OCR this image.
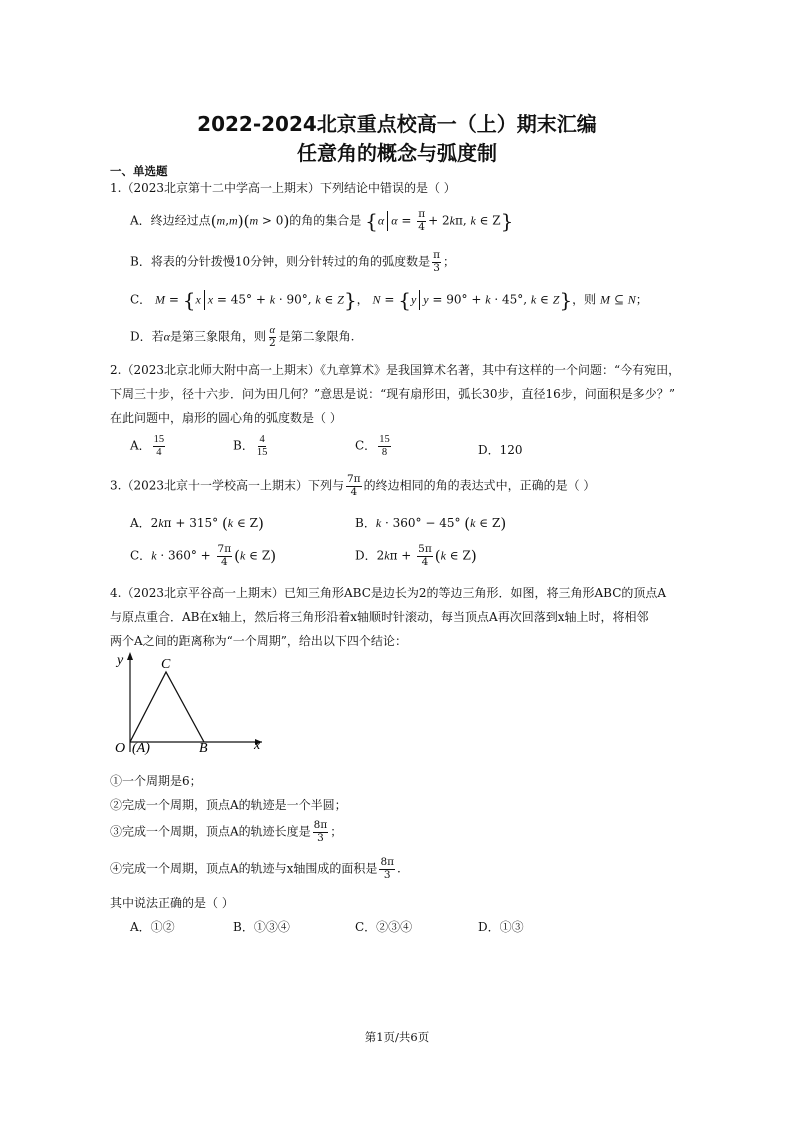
2022-2024北京重点校高一（上）期末汇编
任意角的概念与弧度制
一、单选题
1.（2023北京第十二中学高一上期末）下列结论中错误的是（ ）
A．终边经过点(m,m)(m > 0)的角的集合是 {α $\alpha = \frac{\pi}{4} + 2k\pi$, k ∈ Z}
B．将表的分针拨慢10分钟，则分针转过的角的弧度数是 $\frac{\pi}{3}$ ；
C． M = {x x = 45° + k · 90°, k ∈ Z}， N = {y y = 90° + k · 45°, k ∈ Z}，则 M ⊆ N；
D．若α是第三象限角，则 $\frac{\alpha}{2}$ 是第二象限角.
2.（2023北京北师大附中高一上期末）《九章算术》是我国算术名著，其中有这样的一个问题：“今有宛田，
下周三十步，径十六步．问为田几何？”意思是说：“现有扇形田，弧长30步，直径16步，问面积是多少？”
在此问题中，扇形的圆心角的弧度数是（ ）
A． $\frac{15}{4}$	B． $\frac{4}{15}$	C． $\frac{15}{8}$	D．120
3.（2023北京十一学校高一上期末）下列与 $\frac{7\pi}{4}$ 的终边相同的角的表达式中，正确的是（ ）
A．2kπ + 315° (k ∈ Z)	B．k · 360° − 45° (k ∈ Z)
C．$k \cdot 360^\circ + \frac{7\pi}{4} (k$ ∈ Z)	D．$2k\pi + \frac{5\pi}{4} (k$ ∈ Z)
4.（2023北京平谷高一上期末）已知三角形ABC是边长为2的等边三角形．如图，将三角形ABC的顶点A
与原点重合．AB在x轴上，然后将三角形沿着x轴顺时针滚动，每当顶点A再次回落到x轴上时，将相邻
两个A之间的距离称为“一个周期”，给出以下四个结论：
y
x
C
O (A)	B
①一个周期是6；
②完成一个周期，顶点A的轨迹是一个半圆；
③完成一个周期，顶点A的轨迹长度是 $\frac{8\pi}{3}$ ；
④完成一个周期，顶点A的轨迹与x轴围成的面积是 $\frac{8\pi}{3}$ .
其中说法正确的是（ ）
A．①②	B．①③④	C．②③④	D．①③
第1页/共6页
